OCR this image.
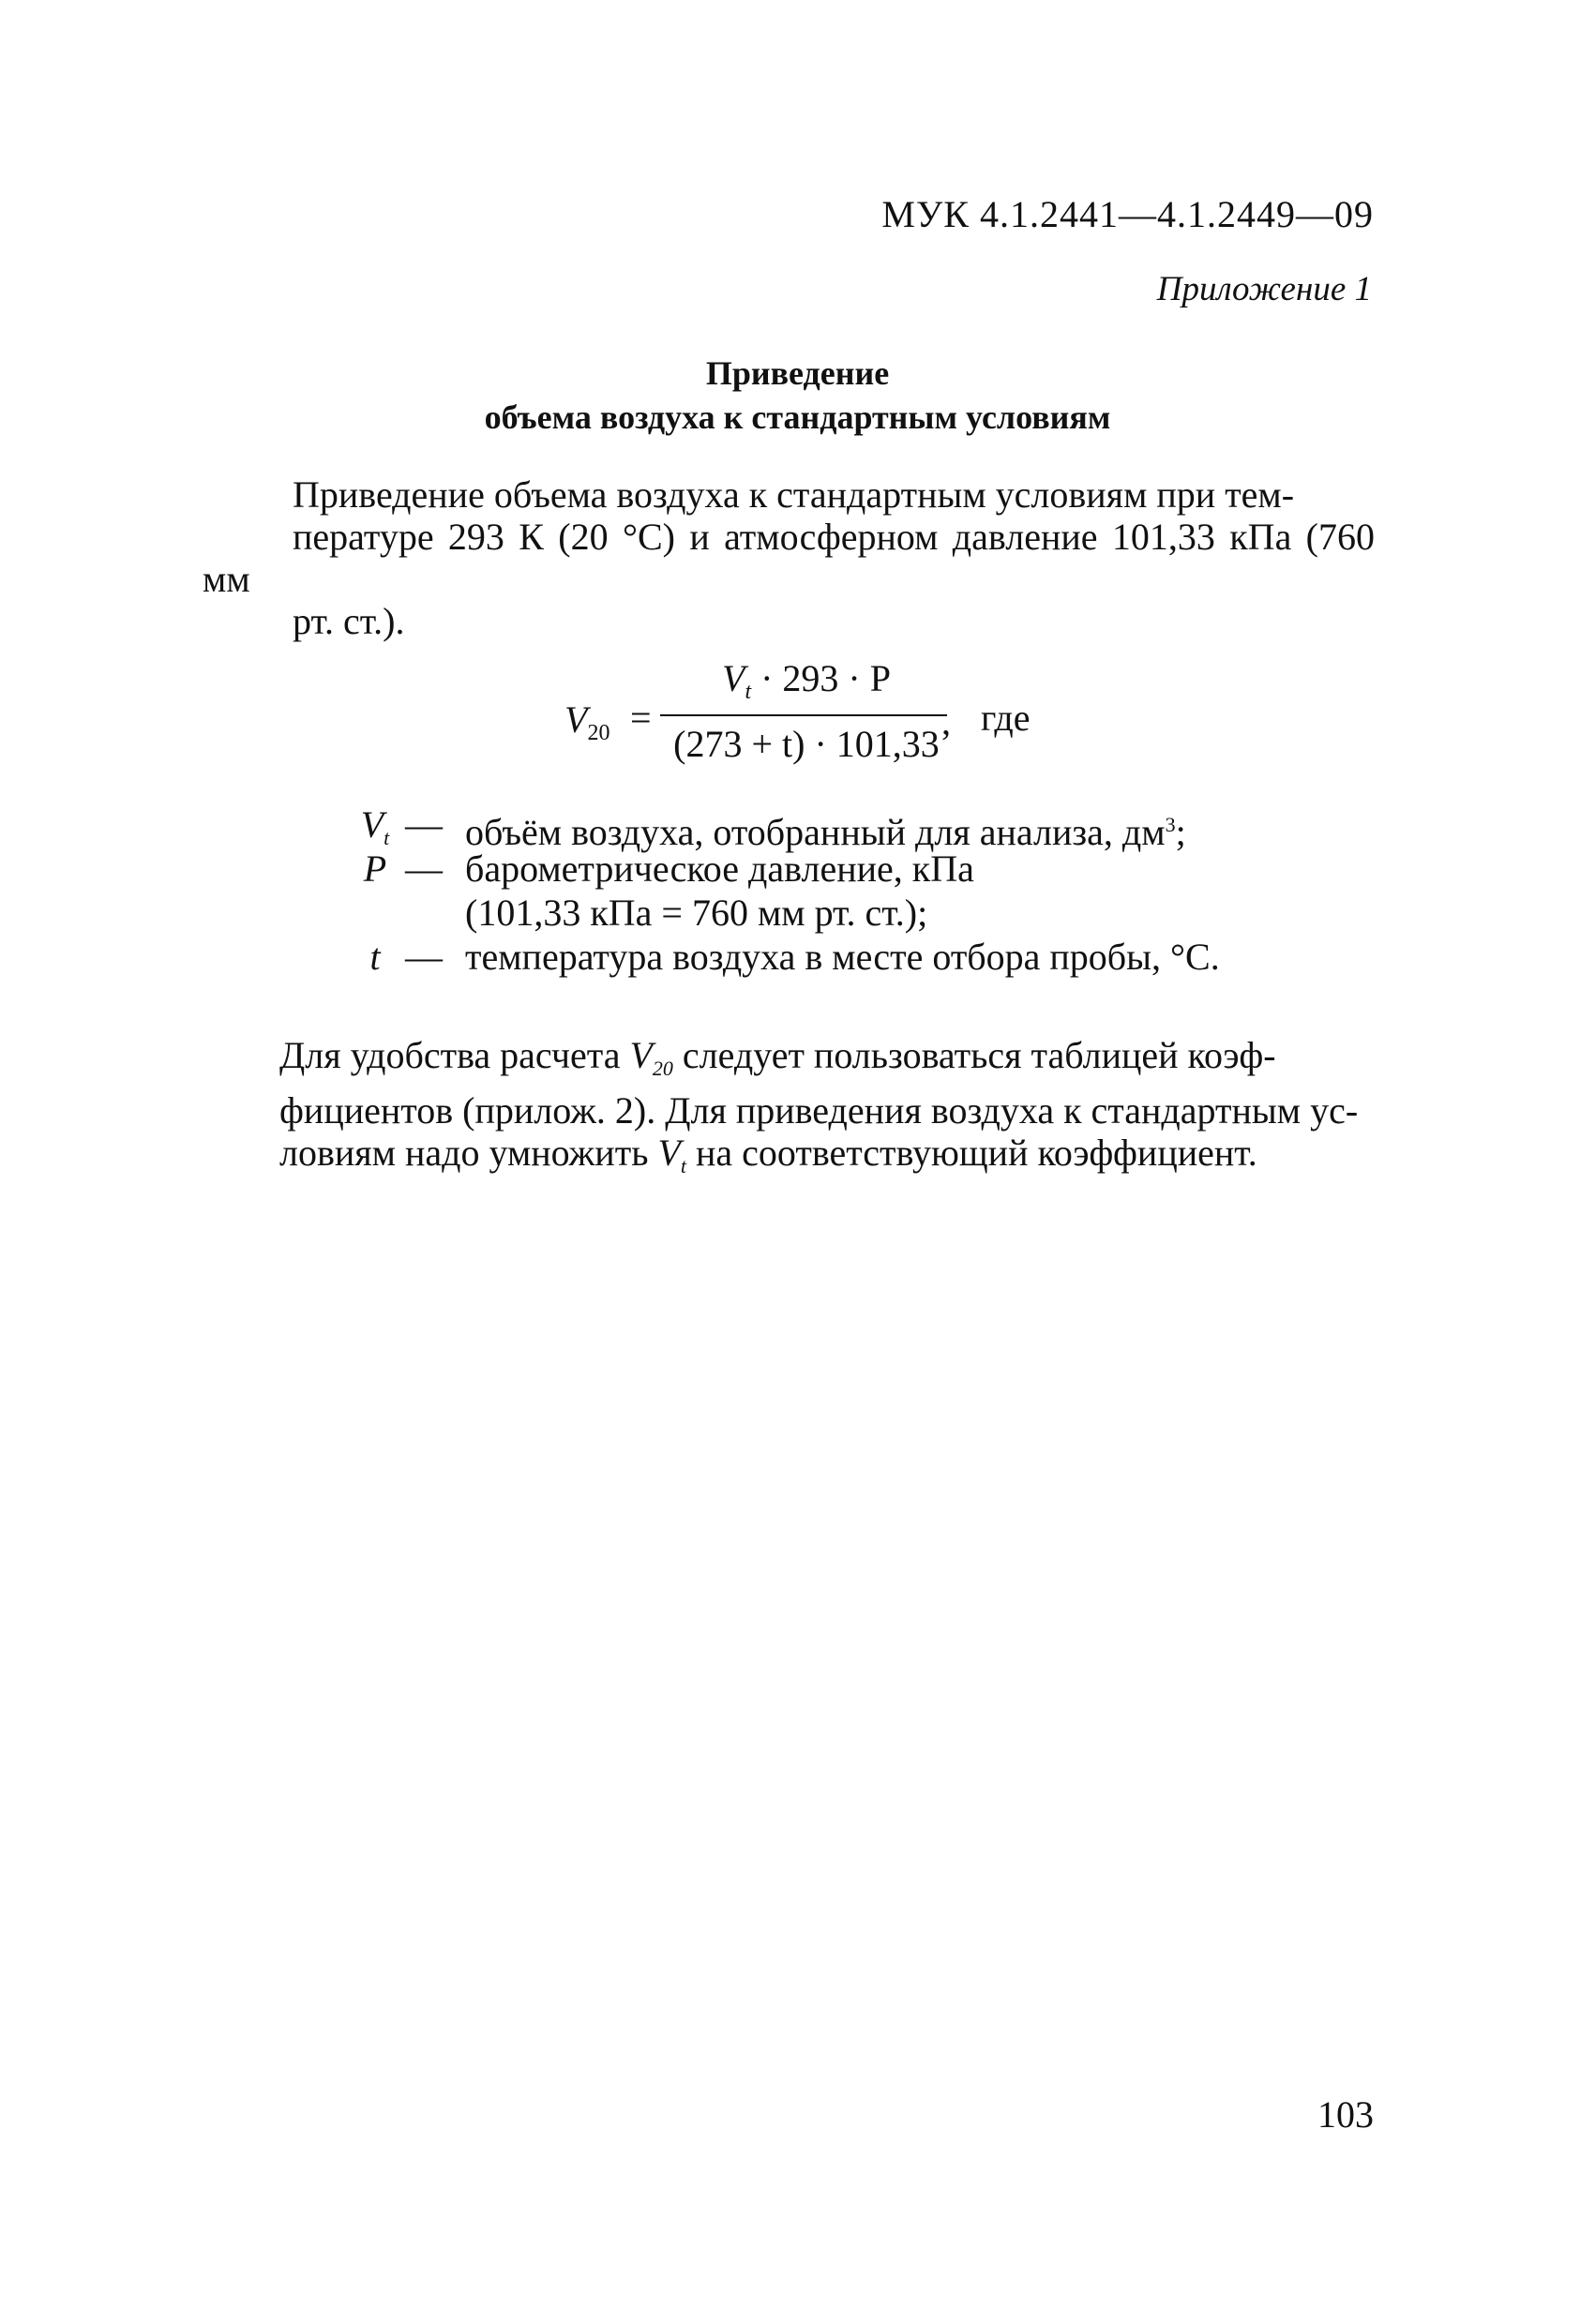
МУК 4.1.2441—4.1.2449—09
Приложение 1
Приведение
объема воздуха к стандартным условиям
Приведение объема воздуха к стандартным условиям при тем-
пературе 293 К (20 °С) и атмосферном давление 101,33 кПа (760 мм
рт. ст.).
$V_{20}$ =
$V_t \cdot 293 \cdot P$
(273 + t) · 101,33
, где
$V_t$ — объём воздуха, отобранный для анализа, $дм^3$;
P — барометрическое давление, кПа
(101,33 кПа = 760 мм рт. ст.);
t — температура воздуха в месте отбора пробы, °С.
Для удобства расчета $V_{20}$ следует пользоваться таблицей коэф-
фициентов (прилож. 2). Для приведения воздуха к стандартным ус-
ловиям надо умножить $V_t$ на соответствующий коэффициент.
103
